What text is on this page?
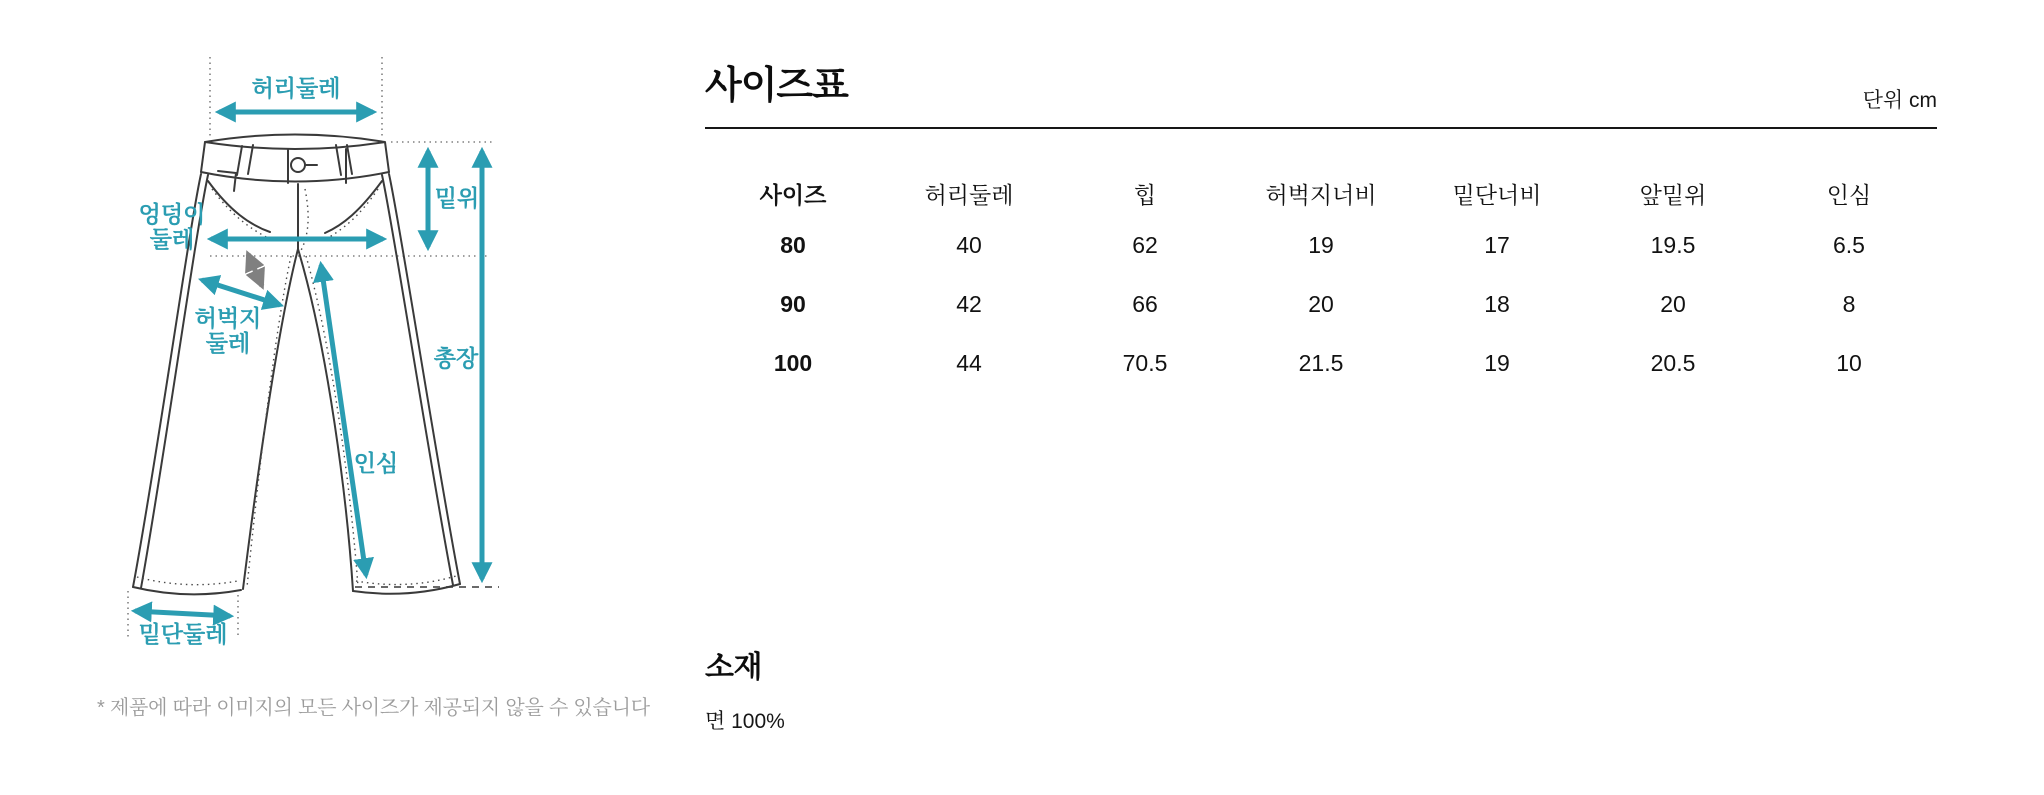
허리둘레
엉덩이
둘레
밑위
허벅지
둘레
총장
인심
밑단둘레
* 제품에 따라 이미지의 모든 사이즈가 제공되지 않을 수 있습니다
사이즈표	단위 cm
사이즈	허리둘레	힙	허벅지너비	밑단너비	앞밑위	인심
80	40	62	19	17	19.5	6.5
90	42	66	20	18	20	8
100	44	70.5	21.5	19	20.5	10
소재
면 100%
